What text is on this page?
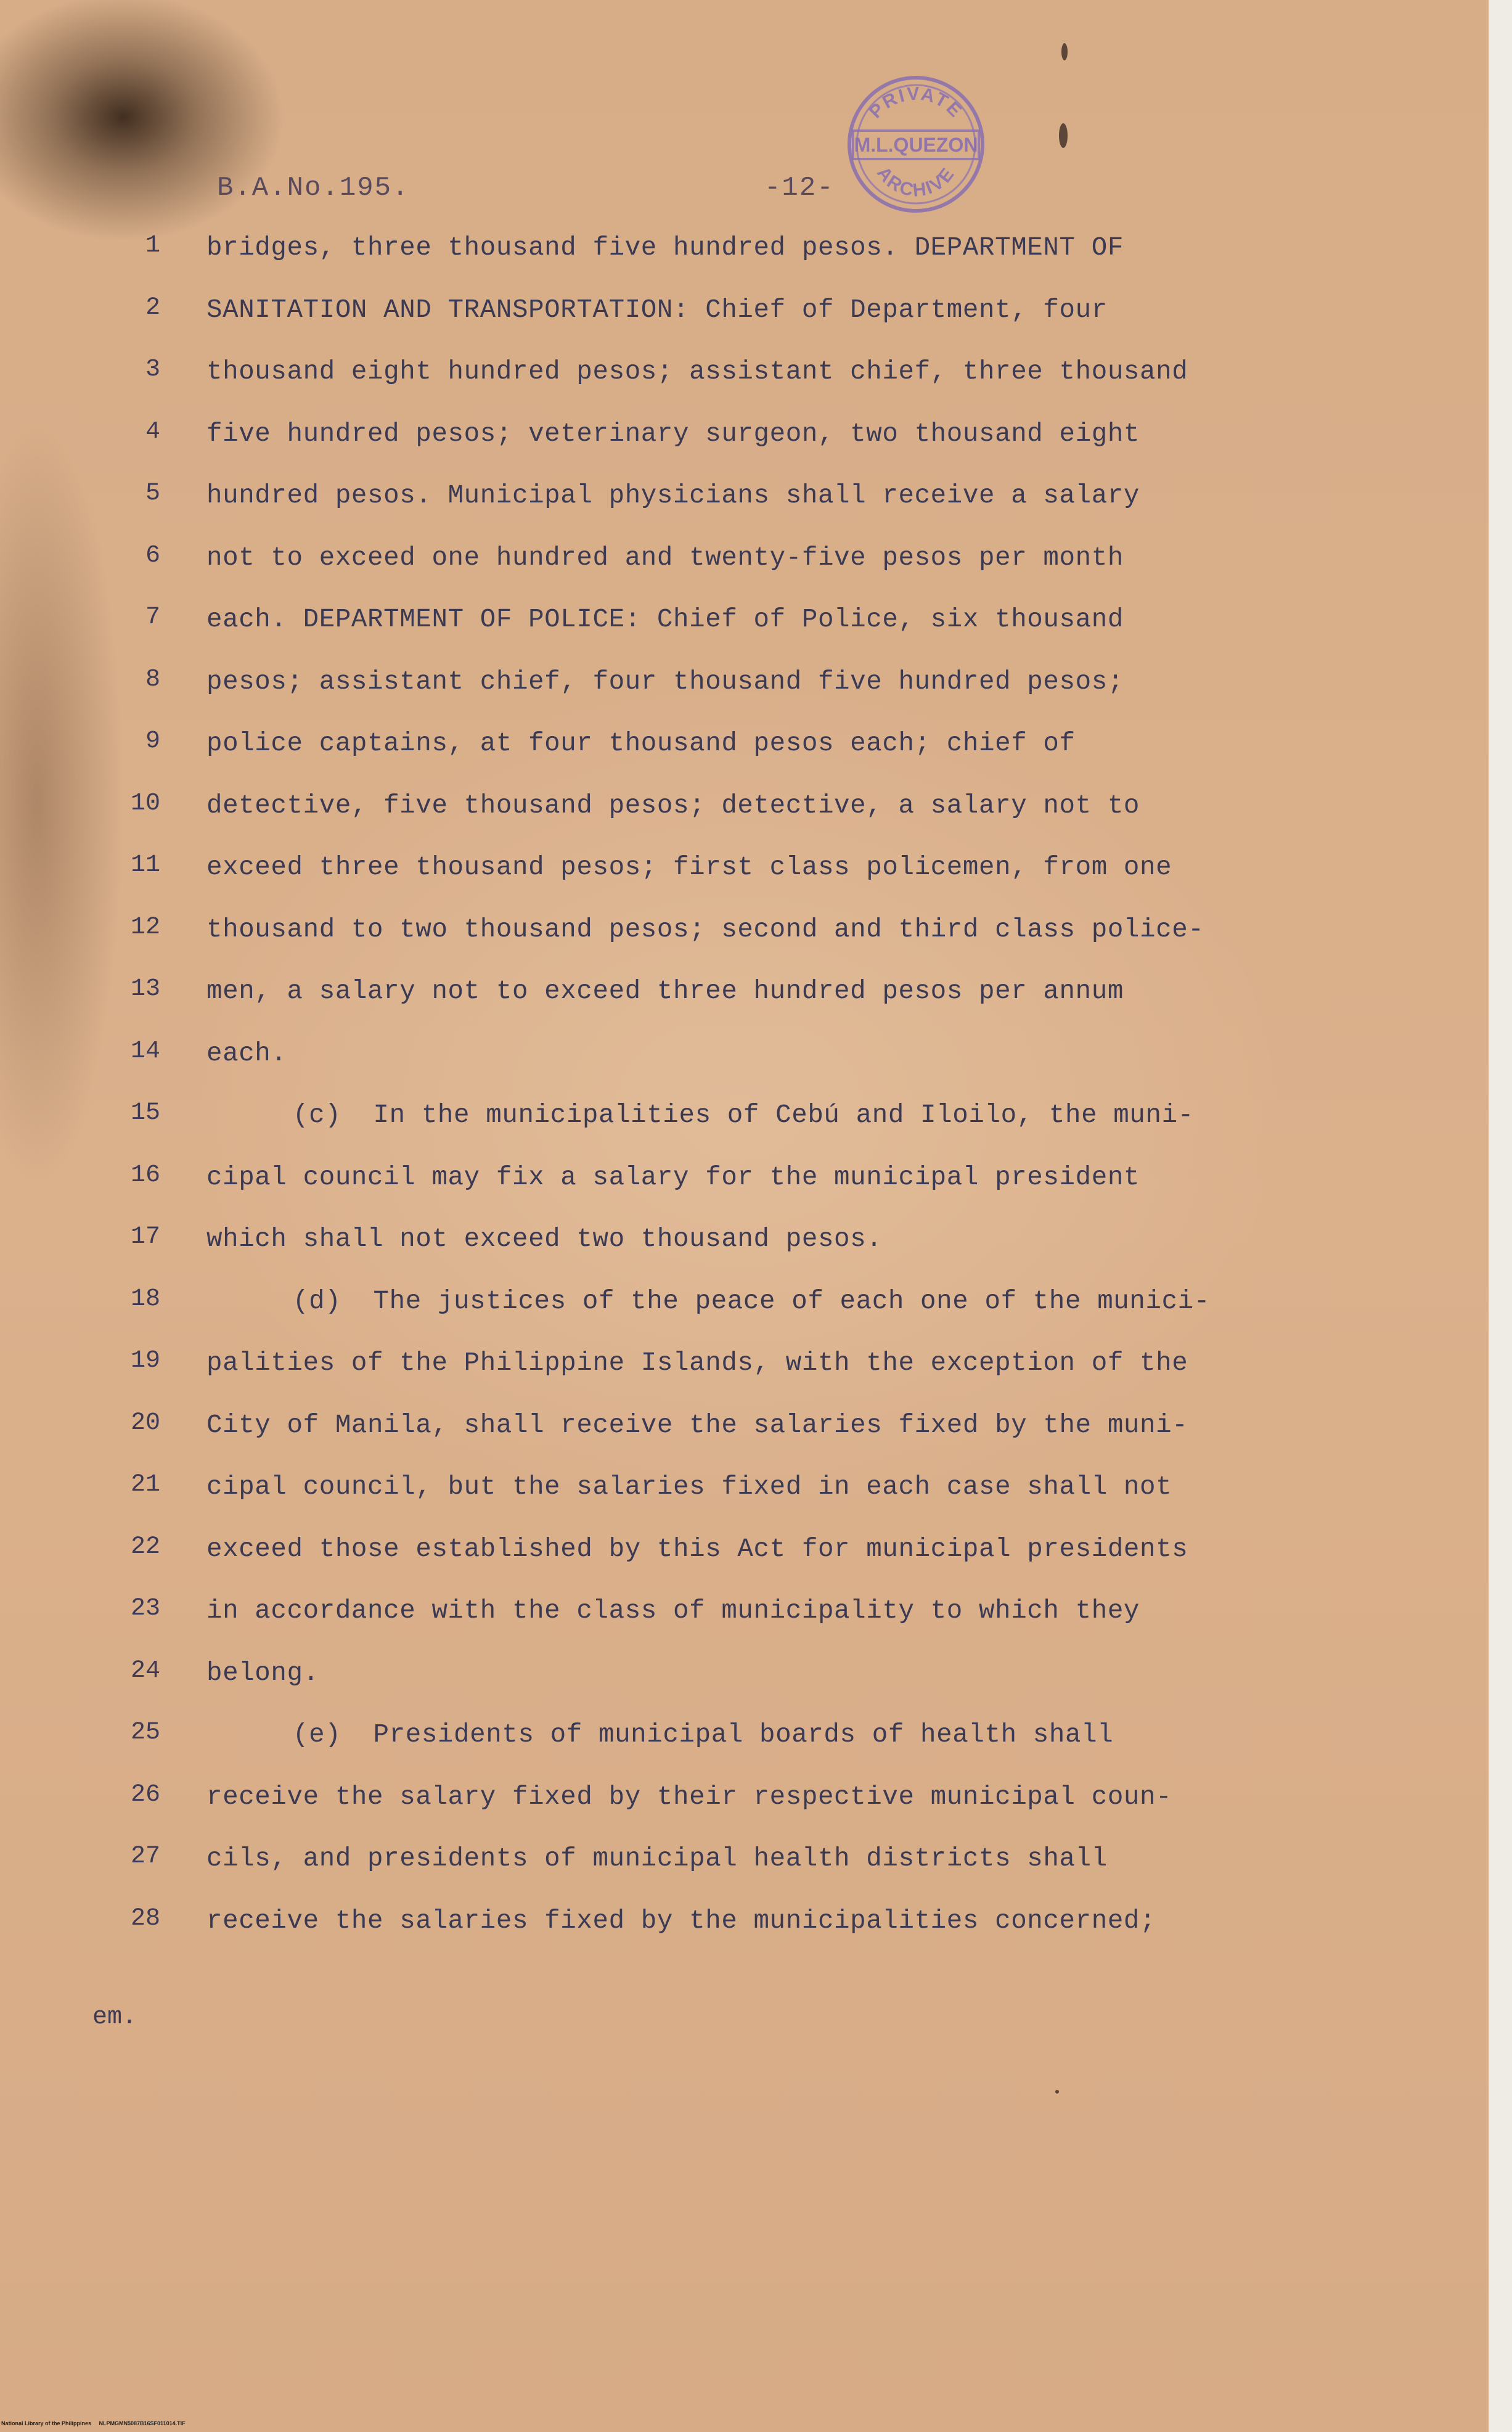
B.A.No.195.	-12-
PRIVATE
M.L.QUEZON
ARCHIVE
1 bridges, three thousand five hundred pesos. DEPARTMENT OF
2 SANITATION AND TRANSPORTATION: Chief of Department, four
3 thousand eight hundred pesos; assistant chief, three thousand
4 five hundred pesos; veterinary surgeon, two thousand eight
5 hundred pesos. Municipal physicians shall receive a salary
6 not to exceed one hundred and twenty-five pesos per month
7 each. DEPARTMENT OF POLICE: Chief of Police, six thousand
8 pesos; assistant chief, four thousand five hundred pesos;
9 police captains, at four thousand pesos each; chief of
10 detective, five thousand pesos; detective, a salary not to
11 exceed three thousand pesos; first class policemen, from one
12 thousand to two thousand pesos; second and third class police-
13 men, a salary not to exceed three hundred pesos per annum
14 each.
15	(c)  In the municipalities of Cebú and Iloilo, the muni-
16 cipal council may fix a salary for the municipal president
17 which shall not exceed two thousand pesos.
18	(d)  The justices of the peace of each one of the munici-
19 palities of the Philippine Islands, with the exception of the
20 City of Manila, shall receive the salaries fixed by the muni-
21 cipal council, but the salaries fixed in each case shall not
22 exceed those established by this Act for municipal presidents
23 in accordance with the class of municipality to which they
24 belong.
25	(e)  Presidents of municipal boards of health shall
26 receive the salary fixed by their respective municipal coun-
27 cils, and presidents of municipal health districts shall
28 receive the salaries fixed by the municipalities concerned;
em.
National Library of the Philippines     NLPMGMN5087B16SF011014.TIF
